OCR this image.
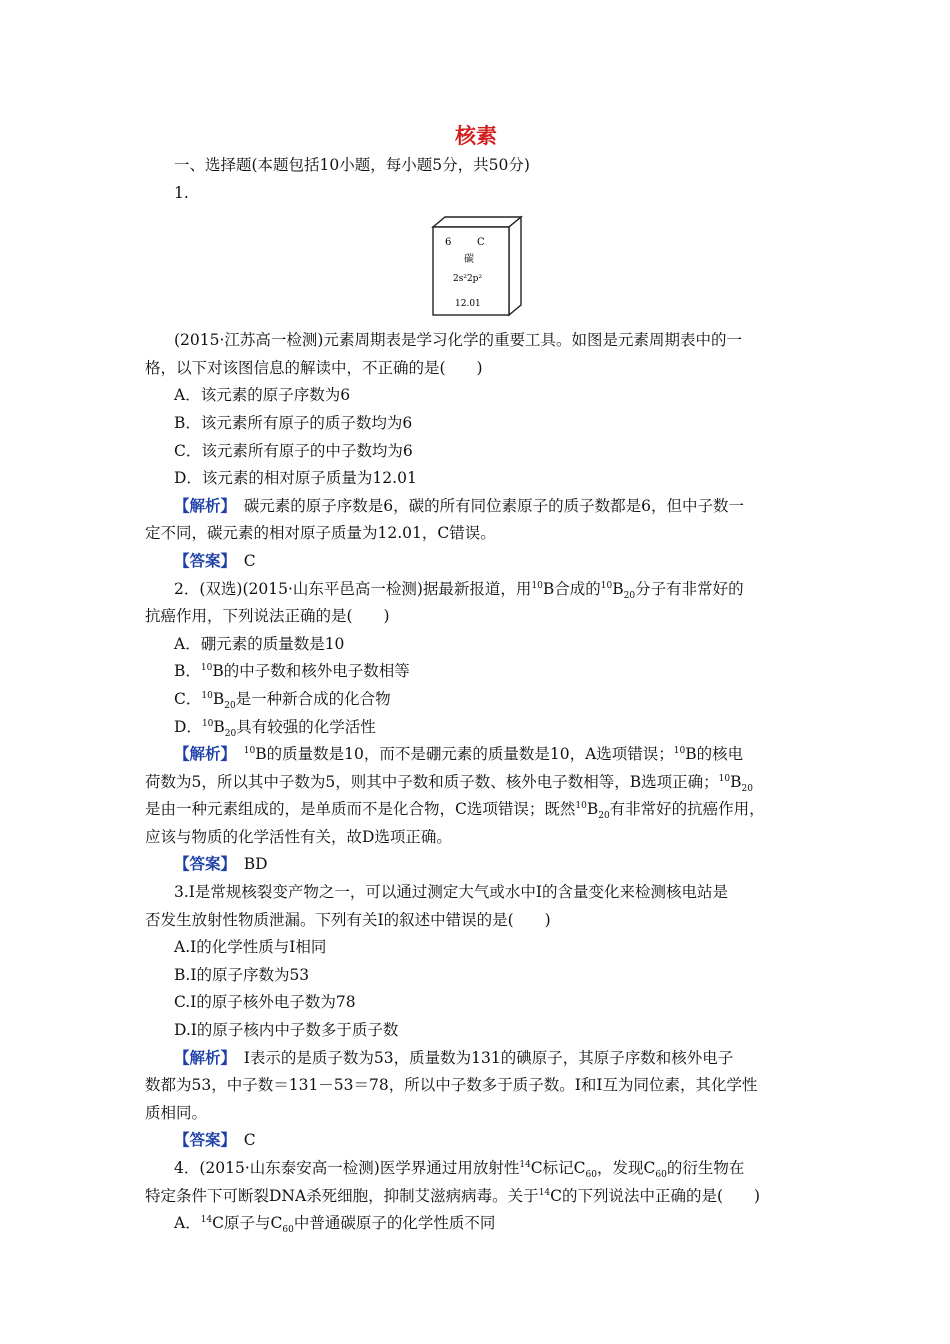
核素
一、选择题(本题包括10小题，每小题5分，共50分)
1.
6	C
碳
2s²2p²
12.01
(2015·江苏高一检测)元素周期表是学习化学的重要工具。如图是元素周期表中的一
格，以下对该图信息的解读中，不正确的是(　　)
A．该元素的原子序数为6
B．该元素所有原子的质子数均为6
C．该元素所有原子的中子数均为6
D．该元素的相对原子质量为12.01
【解析】　碳元素的原子序数是6，碳的所有同位素原子的质子数都是6，但中子数一
定不同，碳元素的相对原子质量为12.01，C错误。
【答案】　C
2．(双选)(2015·山东平邑高一检测)据最新报道，用$^{10}$B合成的$^{10}B_{20}$分子有非常好的
抗癌作用，下列说法正确的是(　　)
A．硼元素的质量数是10
B．$^{10}$B的中子数和核外电子数相等
C．$^{10}B_{20}$是一种新合成的化合物
D．$^{10}B_{20}$具有较强的化学活性
【解析】　 $^{10}$B的质量数是10，而不是硼元素的质量数是10，A选项错误；$^{10}$B的核电
荷数为5，所以其中子数为5，则其中子数和质子数、核外电子数相等，B选项正确；$^{10}B_{20}$
是由一种元素组成的，是单质而不是化合物，C选项错误；既然$^{10}B_{20}$有非常好的抗癌作用，
应该与物质的化学活性有关，故D选项正确。
【答案】　BD
3.I是常规核裂变产物之一，可以通过测定大气或水中I的含量变化来检测核电站是
否发生放射性物质泄漏。下列有关I的叙述中错误的是(　　)
A.I的化学性质与I相同
B.I的原子序数为53
C.I的原子核外电子数为78
D.I的原子核内中子数多于质子数
【解析】　I表示的是质子数为53，质量数为131的碘原子，其原子序数和核外电子
数都为53，中子数＝131－53＝78，所以中子数多于质子数。I和I互为同位素，其化学性
质相同。
【答案】　C
4．(2015·山东泰安高一检测)医学界通过用放射性$^{14}$C标记$C_{60}$，发现$C_{60}$的衍生物在
特定条件下可断裂DNA杀死细胞，抑制艾滋病病毒。关于$^{14}$C的下列说法中正确的是(　　)
A．$^{14}$C原子与$C_{60}$中普通碳原子的化学性质不同
